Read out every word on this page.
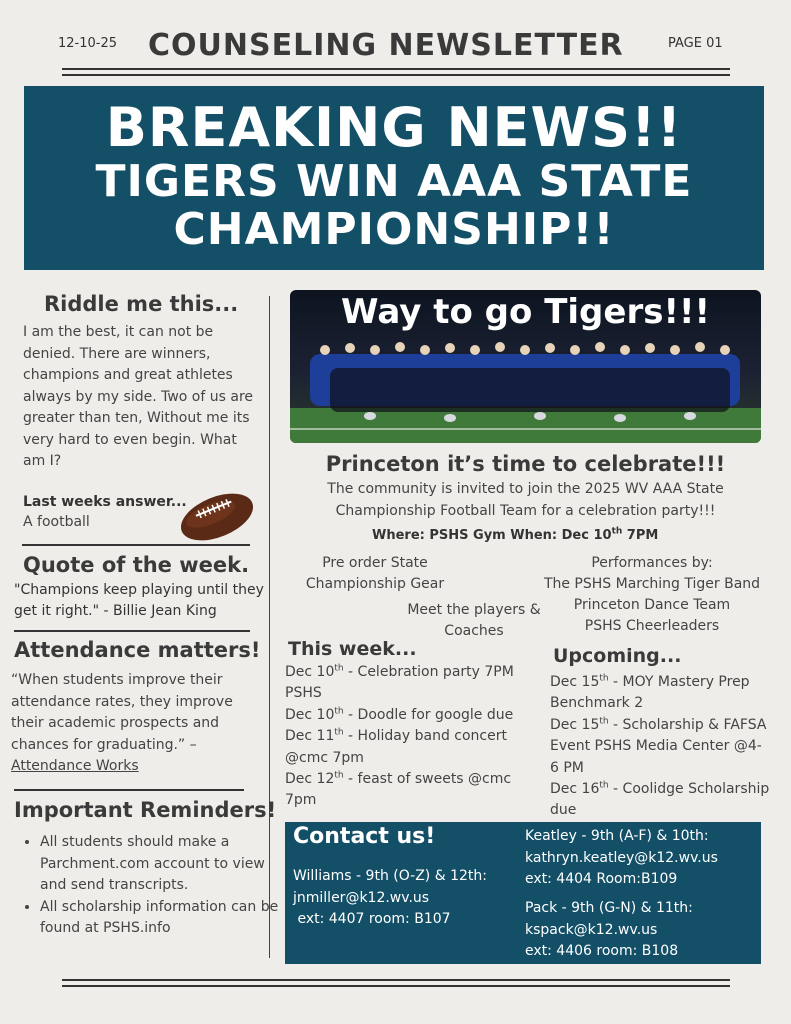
12-10-25 COUNSELING NEWSLETTER	PAGE 01
BREAKING NEWS!!
TIGERS WIN AAA STATE
CHAMPIONSHIP!!
Riddle me this...
I am the best, it can not be denied. There are winners, champions and great athletes always by my side. Two of us are greater than ten, Without me its very hard to even begin. What am I?
Last weeks answer...
A football
Quote of the week.
"Champions keep playing until they get it right." - Billie Jean King
Attendance matters!
“When students improve their attendance rates, they improve their academic prospects and chances for graduating.” –
Attendance Works
Important Reminders!
• All students should make a Parchment.com account to view and send transcripts.
• All scholarship information can be found at PSHS.info
Way to go Tigers!!!
Princeton it’s time to celebrate!!!
The community is invited to join the 2025 WV AAA State Championship Football Team for a celebration party!!!
Where: PSHS Gym When: Dec 10th 7PM
Pre order State Championship Gear
Meet the players & Coaches
Performances by:
The PSHS Marching Tiger Band
Princeton Dance Team
PSHS Cheerleaders
This week...
Dec 10th - Celebration party 7PM PSHS
Dec 10th - Doodle for google due
Dec 11th - Holiday band concert @cmc 7pm
Dec 12th - feast of sweets @cmc 7pm
Upcoming...
Dec 15th - MOY Mastery Prep Benchmark 2
Dec 15th - Scholarship & FAFSA Event PSHS Media Center @4-6 PM
Dec 16th - Coolidge Scholarship due
Contact us!
Williams - 9th (O-Z) & 12th:
jnmiller@k12.wv.us
ext: 4407 room: B107
Keatley - 9th (A-F) & 10th:
kathryn.keatley@k12.wv.us
ext: 4404 Room:B109
Pack - 9th (G-N) & 11th:
kspack@k12.wv.us
ext: 4406 room: B108
